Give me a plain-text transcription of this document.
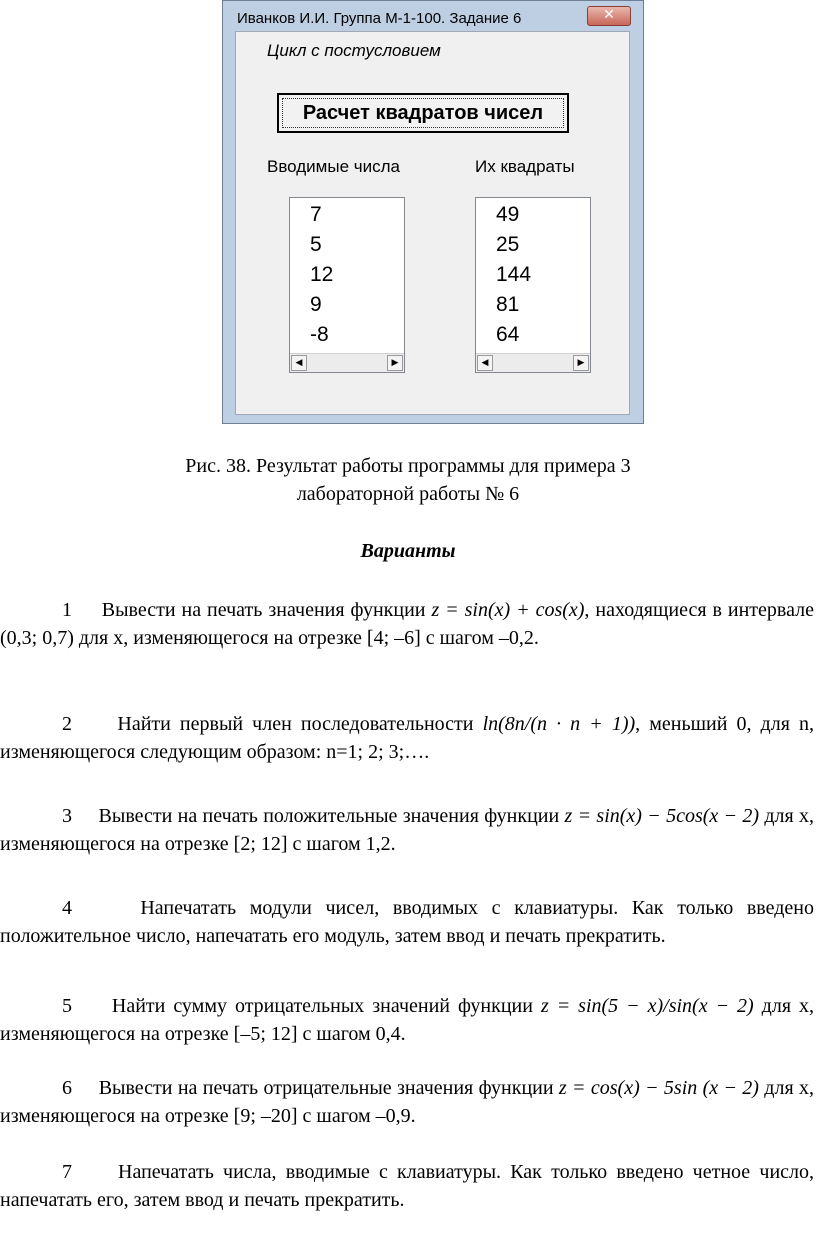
Иванков И.И. Группа М-1-100. Задание 6	✕
Цикл с постусловием
Расчет квадратов чисел
Вводимые числа	Их квадраты
7
5
12
9
-8
◀	▶
49
25
144
81
64
◀	▶
Рис. 38. Результат работы программы для примера 3
лабораторной работы № 6
Варианты
1 Вывести на печать значения функции z = sin(x) + cos(x), находящиеся в интервале (0,3; 0,7) для x, изменяющегося на отрезке [4; –6] с шагом –0,2.
2 Найти первый член последовательности ln(8n/(n · n + 1)), меньший 0, для n, изменяющегося следующим образом: n=1; 2; 3;….
3 Вывести на печать положительные значения функции z = sin(x) − 5cos(x − 2) для x, изменяющегося на отрезке [2; 12] с шагом 1,2.
4	Напечатать модули чисел, вводимых с клавиатуры. Как только введено положительное число, напечатать его модуль, затем ввод и печать прекратить.
5 Найти сумму отрицательных значений функции z = sin(5 − x)/sin(x − 2) для x, изменяющегося на отрезке [–5; 12] с шагом 0,4.
6 Вывести на печать отрицательные значения функции z = cos(x) − 5sin (x − 2) для x, изменяющегося на отрезке [9; –20] с шагом –0,9.
7 Напечатать числа, вводимые с клавиатуры. Как только введено четное число, напечатать его, затем ввод и печать прекратить.
